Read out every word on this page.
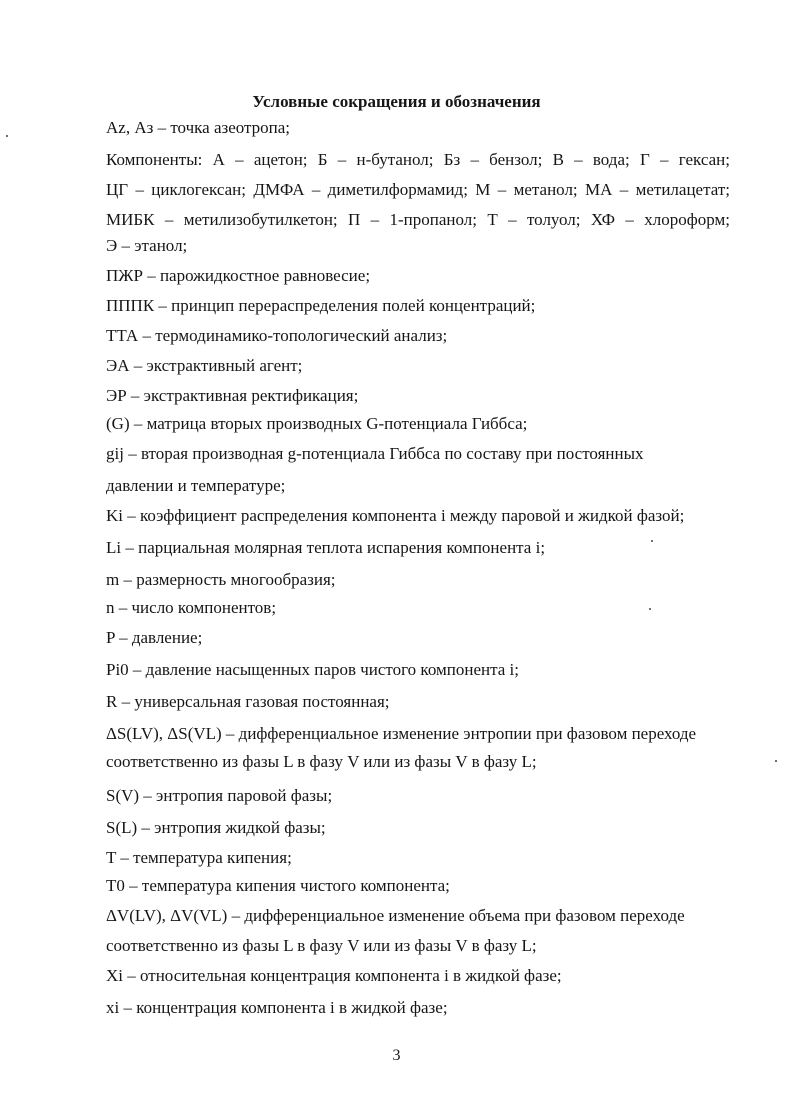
Условные сокращения и обозначения
Az, Аз – точка азеотропа;
Компоненты: А – ацетон; Б – н-бутанол; Бз – бензол; В – вода; Г – гексан;
ЦГ – циклогексан; ДМФА – диметилформамид; М – метанол; МА – метилацетат;
МИБК – метилизобутилкетон; П – 1-пропанол; Т – толуол; ХФ – хлороформ;
Э – этанол;
ПЖР – парожидкостное равновесие;
ПППК – принцип перераспределения полей концентраций;
ТТА – термодинамико-топологический анализ;
ЭА – экстрактивный агент;
ЭР – экстрактивная ректификация;
(G) – матрица вторых производных G-потенциала Гиббса;
gij – вторая производная g-потенциала Гиббса по составу при постоянных
давлении и температуре;
Ki – коэффициент распределения компонента i между паровой и жидкой фазой;
Li – парциальная молярная теплота испарения компонента i;
m – размерность многообразия;
n – число компонентов;
P – давление;
Pi0 – давление насыщенных паров чистого компонента i;
R – универсальная газовая постоянная;
ΔS(LV), ΔS(VL) – дифференциальное изменение энтропии при фазовом переходе
соответственно из фазы L в фазу V или из фазы V в фазу L;
S(V) – энтропия паровой фазы;
S(L) – энтропия жидкой фазы;
T – температура кипения;
T0 – температура кипения чистого компонента;
ΔV(LV), ΔV(VL) – дифференциальное изменение объема при фазовом переходе
соответственно из фазы L в фазу V или из фазы V в фазу L;
Xi – относительная концентрация компонента i в жидкой фазе;
xi – концентрация компонента i в жидкой фазе;
3
